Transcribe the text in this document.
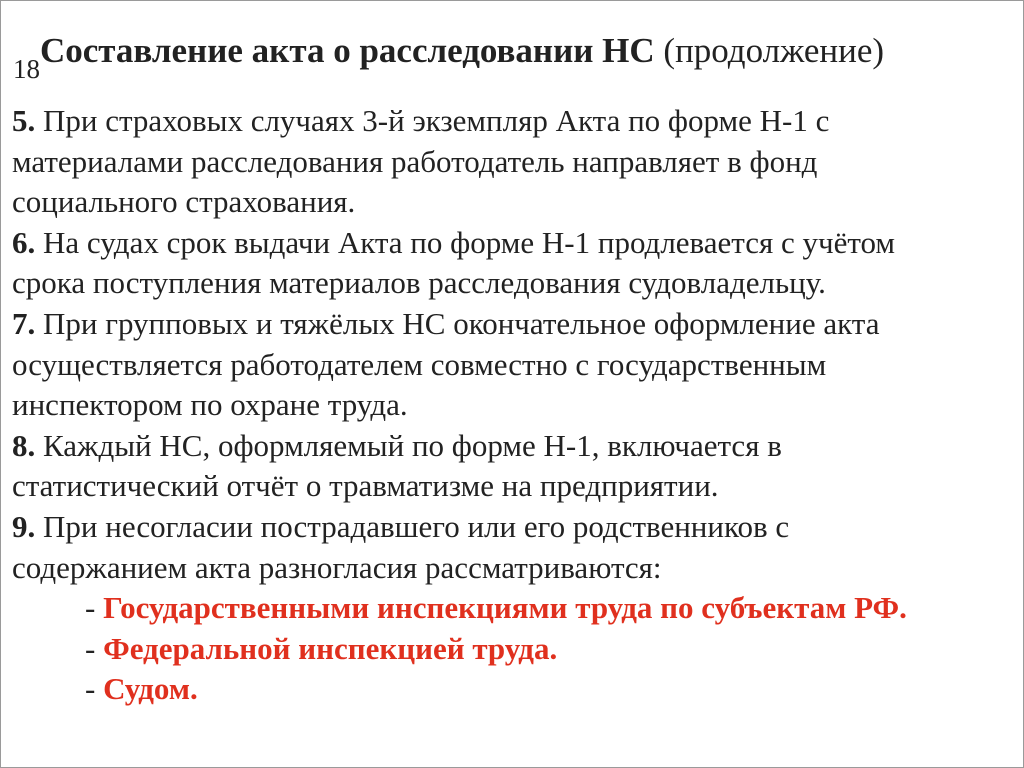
18 Составление акта о расследовании НС (продолжение)

5. При страховых случаях 3-й экземпляр Акта по форме Н-1 с
материалами расследования работодатель направляет в фонд
социального страхования.

6. На судах срок выдачи Акта по форме Н-1 продлевается с учётом
срока поступления материалов расследования судовладельцу.

7. При групповых и тяжёлых НС окончательное оформление акта
осуществляется работодателем совместно с государственным
инспектором по охране труда.

8. Каждый НС, оформляемый по форме Н-1, включается в
статистический отчёт о травматизме на предприятии.

9. При несогласии пострадавшего или его родственников с
содержанием акта разногласия рассматриваются:

- Государственными инспекциями труда по субъектам РФ.
- Федеральной инспекцией труда.
- Судом.
